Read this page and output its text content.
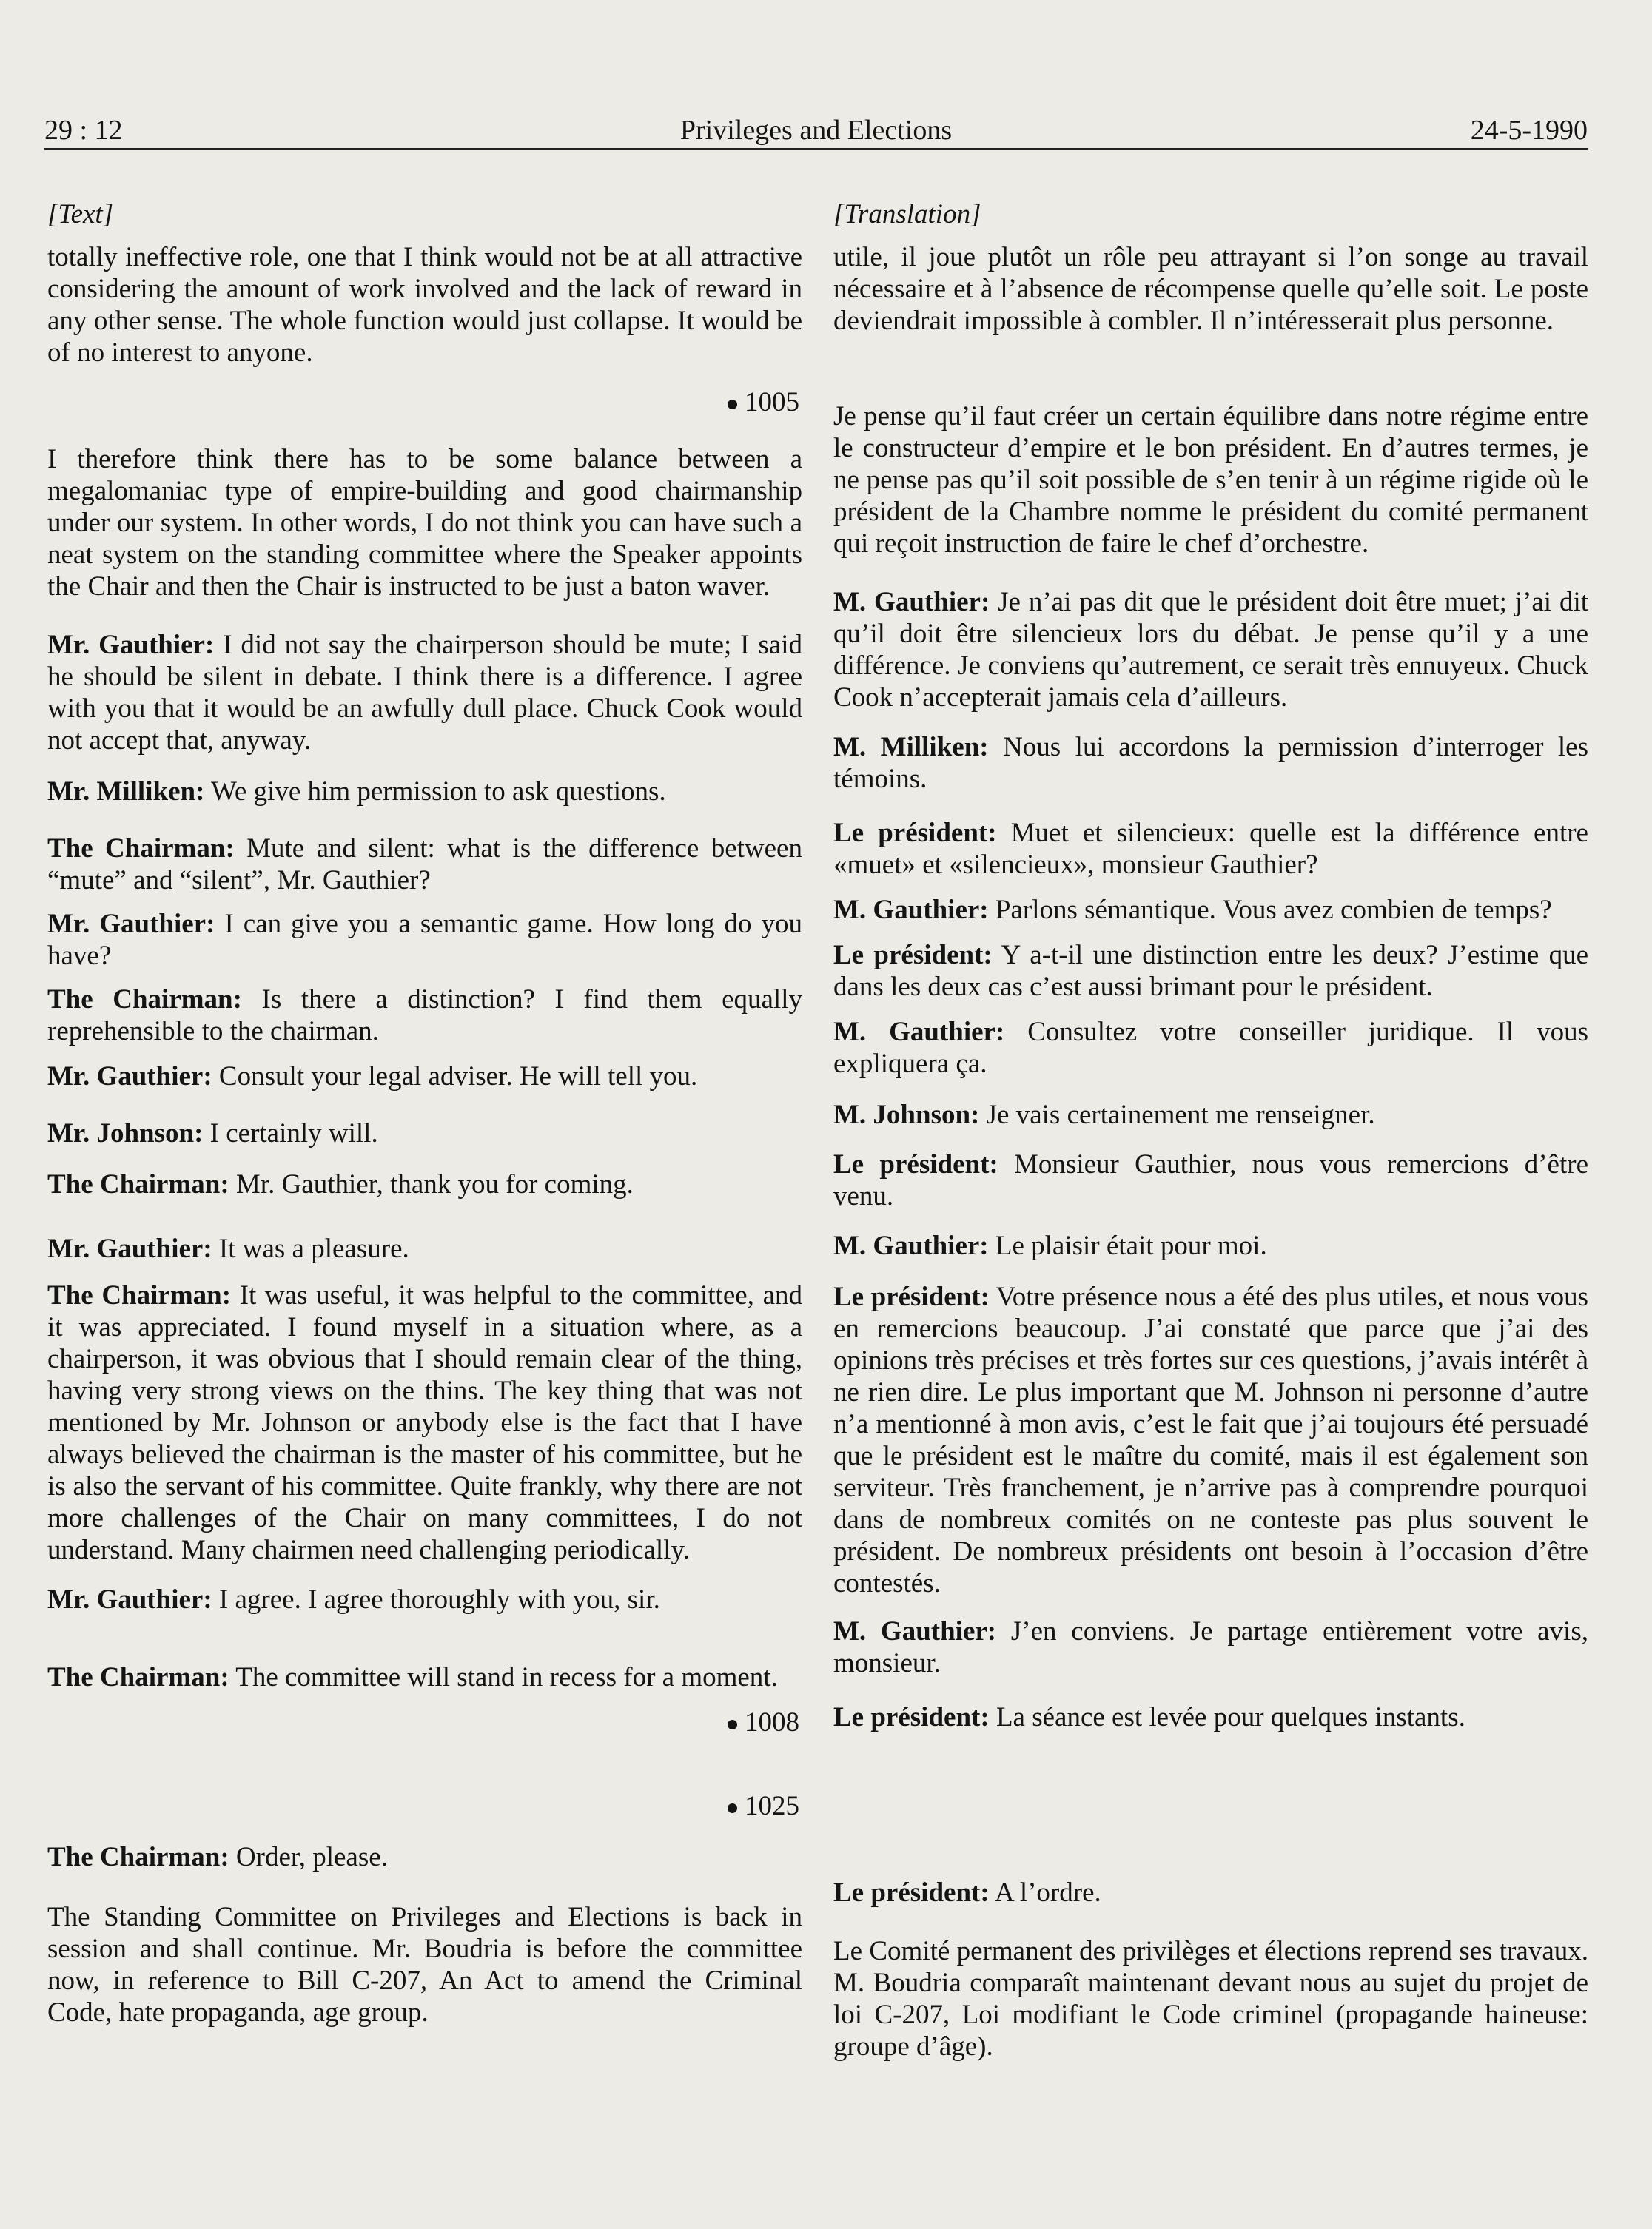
29 : 12	Privileges and Elections	24-5-1990
[Text]

totally ineffective role, one that I think would not be at all attractive considering the amount of work involved and the lack of reward in any other sense. The whole function would just collapse. It would be of no interest to anyone.

1005

I therefore think there has to be some balance between a megalomaniac type of empire-building and good chairmanship under our system. In other words, I do not think you can have such a neat system on the standing committee where the Speaker appoints the Chair and then the Chair is instructed to be just a baton waver.

Mr. Gauthier: I did not say the chairperson should be mute; I said he should be silent in debate. I think there is a difference. I agree with you that it would be an awfully dull place. Chuck Cook would not accept that, anyway.

Mr. Milliken: We give him permission to ask questions.

The Chairman: Mute and silent: what is the difference between “mute” and “silent”, Mr. Gauthier?

Mr. Gauthier: I can give you a semantic game. How long do you have?

The Chairman: Is there a distinction? I find them equally reprehensible to the chairman.

Mr. Gauthier: Consult your legal adviser. He will tell you.

Mr. Johnson: I certainly will.

The Chairman: Mr. Gauthier, thank you for coming.

Mr. Gauthier: It was a pleasure.

The Chairman: It was useful, it was helpful to the committee, and it was appreciated. I found myself in a situation where, as a chairperson, it was obvious that I should remain clear of the thing, having very strong views on the thins. The key thing that was not mentioned by Mr. Johnson or anybody else is the fact that I have always believed the chairman is the master of his committee, but he is also the servant of his committee. Quite frankly, why there are not more challenges of the Chair on many committees, I do not understand. Many chairmen need challenging periodically.

Mr. Gauthier: I agree. I agree thoroughly with you, sir.

The Chairman: The committee will stand in recess for a moment.

1008
1025

The Chairman: Order, please.

The Standing Committee on Privileges and Elections is back in session and shall continue. Mr. Boudria is before the committee now, in reference to Bill C-207, An Act to amend the Criminal Code, hate propaganda, age group.

[Translation]

utile, il joue plutôt un rôle peu attrayant si l’on songe au travail nécessaire et à l’absence de récompense quelle qu’elle soit. Le poste deviendrait impossible à combler. Il n’intéresserait plus personne.

Je pense qu’il faut créer un certain équilibre dans notre régime entre le constructeur d’empire et le bon président. En d’autres termes, je ne pense pas qu’il soit possible de s’en tenir à un régime rigide où le président de la Chambre nomme le président du comité permanent qui reçoit instruction de faire le chef d’orchestre.

M. Gauthier: Je n’ai pas dit que le président doit être muet; j’ai dit qu’il doit être silencieux lors du débat. Je pense qu’il y a une différence. Je conviens qu’autrement, ce serait très ennuyeux. Chuck Cook n’accepterait jamais cela d’ailleurs.

M. Milliken: Nous lui accordons la permission d’interroger les témoins.

Le président: Muet et silencieux: quelle est la différence entre «muet» et «silencieux», monsieur Gauthier?

M. Gauthier: Parlons sémantique. Vous avez combien de temps?

Le président: Y a-t-il une distinction entre les deux? J’estime que dans les deux cas c’est aussi brimant pour le président.

M. Gauthier: Consultez votre conseiller juridique. Il vous expliquera ça.

M. Johnson: Je vais certainement me renseigner.

Le président: Monsieur Gauthier, nous vous remercions d’être venu.

M. Gauthier: Le plaisir était pour moi.

Le président: Votre présence nous a été des plus utiles, et nous vous en remercions beaucoup. J’ai constaté que parce que j’ai des opinions très précises et très fortes sur ces questions, j’avais intérêt à ne rien dire. Le plus important que M. Johnson ni personne d’autre n’a mentionné à mon avis, c’est le fait que j’ai toujours été persuadé que le président est le maître du comité, mais il est également son serviteur. Très franchement, je n’arrive pas à comprendre pourquoi dans de nombreux comités on ne conteste pas plus souvent le président. De nombreux présidents ont besoin à l’occasion d’être contestés.

M. Gauthier: J’en conviens. Je partage entièrement votre avis, monsieur.

Le président: La séance est levée pour quelques instants.

Le président: A l’ordre.

Le Comité permanent des privilèges et élections reprend ses travaux. M. Boudria comparaît maintenant devant nous au sujet du projet de loi C-207, Loi modifiant le Code criminel (propagande haineuse: groupe d’âge).
